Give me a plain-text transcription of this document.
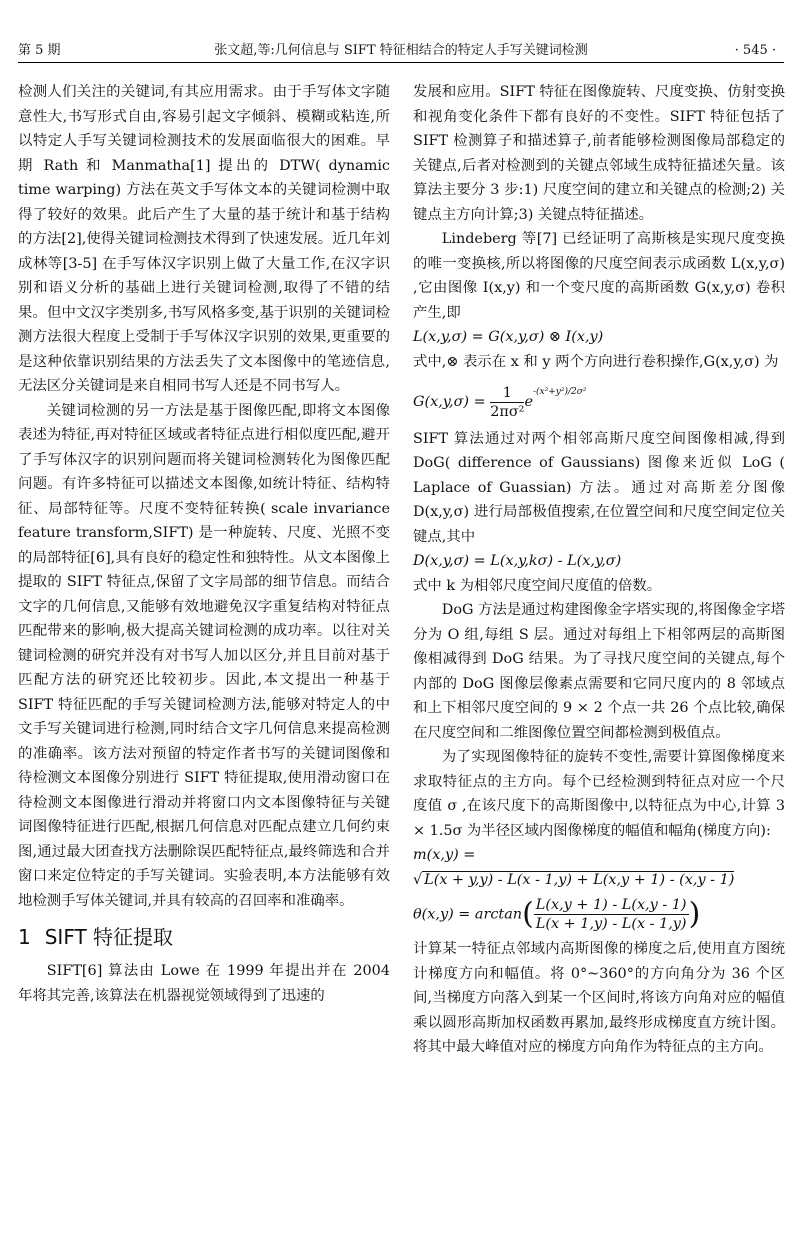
第 5 期	张文超,等:几何信息与 SIFT 特征相结合的特定人手写关键词检测	· 545 ·

检测人们关注的关键词,有其应用需求。由于手写体文字随意性大,书写形式自由,容易引起文字倾斜、模糊或粘连,所以特定人手写关键词检测技术的发展面临很大的困难。早期 Rath 和 Manmatha[1] 提出的 DTW( dynamic time warping) 方法在英文手写体文本的关键词检测中取得了较好的效果。此后产生了大量的基于统计和基于结构的方法[2],使得关键词检测技术得到了快速发展。近几年刘成林等[3-5] 在手写体汉字识别上做了大量工作,在汉字识别和语义分析的基础上进行关键词检测,取得了不错的结果。但中文汉字类别多,书写风格多变,基于识别的关键词检测方法很大程度上受制于手写体汉字识别的效果,更重要的是这种依靠识别结果的方法丢失了文本图像中的笔迹信息,无法区分关键词是来自相同书写人还是不同书写人。

关键词检测的另一方法是基于图像匹配,即将文本图像表述为特征,再对特征区域或者特征点进行相似度匹配,避开了手写体汉字的识别问题而将关键词检测转化为图像匹配问题。有许多特征可以描述文本图像,如统计特征、结构特征、局部特征等。尺度不变特征转换( scale invariance feature transform,SIFT) 是一种旋转、尺度、光照不变的局部特征[6],具有良好的稳定性和独特性。从文本图像上提取的 SIFT 特征点,保留了文字局部的细节信息。而结合文字的几何信息,又能够有效地避免汉字重复结构对特征点匹配带来的影响,极大提高关键词检测的成功率。以往对关键词检测的研究并没有对书写人加以区分,并且目前对基于匹配方法的研究还比较初步。因此,本文提出一种基于 SIFT 特征匹配的手写关键词检测方法,能够对特定人的中文手写关键词进行检测,同时结合文字几何信息来提高检测的准确率。该方法对预留的特定作者书写的关键词图像和待检测文本图像分别进行 SIFT 特征提取,使用滑动窗口在待检测文本图像进行滑动并将窗口内文本图像特征与关键词图像特征进行匹配,根据几何信息对匹配点建立几何约束图,通过最大团查找方法删除误匹配特征点,最终筛选和合并窗口来定位特定的手写关键词。实验表明,本方法能够有效地检测手写体关键词,并具有较高的召回率和准确率。

1 SIFT 特征提取

SIFT[6] 算法由 Lowe 在 1999 年提出并在 2004 年将其完善,该算法在机器视觉领域得到了迅速的

发展和应用。SIFT 特征在图像旋转、尺度变换、仿射变换和视角变化条件下都有良好的不变性。SIFT 特征包括了 SIFT 检测算子和描述算子,前者能够检测图像局部稳定的关键点,后者对检测到的关键点邻域生成特征描述矢量。该算法主要分 3 步:1) 尺度空间的建立和关键点的检测;2) 关键点主方向计算;3) 关键点特征描述。

Lindeberg 等[7] 已经证明了高斯核是实现尺度变换的唯一变换核,所以将图像的尺度空间表示成函数 L(x,y,σ) ,它由图像 I(x,y) 和一个变尺度的高斯函数 G(x,y,σ) 卷积产生,即

L(x,y,σ) = G(x,y,σ) ⊗ I(x,y)

式中,⊗ 表示在 x 和 y 两个方向进行卷积操作,G(x,y,σ) 为

$G(x,y,\sigma) = \frac{1}{\text{2πσ²}} e^{-(x^2+y^2)/2\sigma^2}$

SIFT 算法通过对两个相邻高斯尺度空间图像相减,得到 DoG( difference of Gaussians) 图像来近似 LoG ( Laplace of Guassian) 方法。通过对高斯差分图像 D(x,y,σ) 进行局部极值搜索,在位置空间和尺度空间定位关键点,其中

D(x,y,σ) = L(x,y,kσ) - L(x,y,σ)

式中 k 为相邻尺度空间尺度值的倍数。

DoG 方法是通过构建图像金字塔实现的,将图像金字塔分为 O 组,每组 S 层。通过对每组上下相邻两层的高斯图像相减得到 DoG 结果。为了寻找尺度空间的关键点,每个内部的 DoG 图像层像素点需要和它同尺度内的 8 邻域点和上下相邻尺度空间的 9 × 2 个点一共 26 个点比较,确保在尺度空间和二维图像位置空间都检测到极值点。

为了实现图像特征的旋转不变性,需要计算图像梯度来求取特征点的主方向。每个已经检测到特征点对应一个尺度值 σ ,在该尺度下的高斯图像中,以特征点为中心,计算 3 × 1.5σ 为半径区域内图像梯度的幅值和幅角(梯度方向):

m(x,y) =

√ L(x + y,y) - L(x - 1,y) + L(x,y + 1) - (x,y - 1)

$\theta(x,y) = \arctan( \frac{L(x,y + 1) - L(x,y - 1)}{L(x + 1,y) - L(x - 1,y)}$ )

计算某一特征点邻域内高斯图像的梯度之后,使用直方图统计梯度方向和幅值。将 0°~360°的方向角分为 36 个区间,当梯度方向落入到某一个区间时,将该方向角对应的幅值乘以圆形高斯加权函数再累加,最终形成梯度直方统计图。将其中最大峰值对应的梯度方向角作为特征点的主方向。
